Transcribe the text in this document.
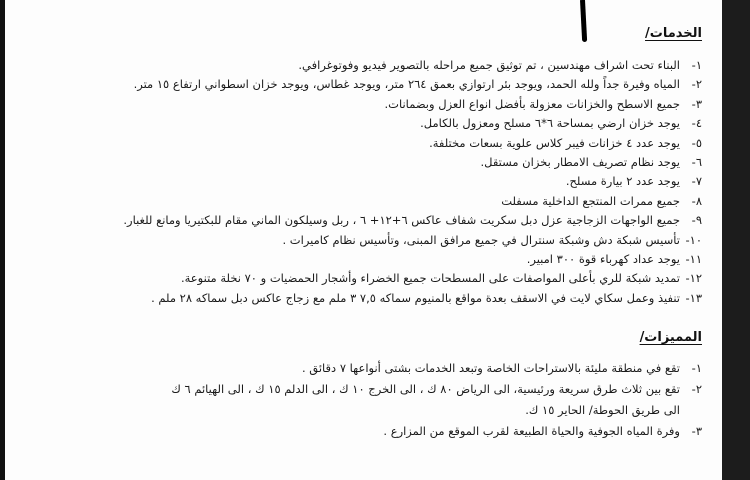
الخدمات/
١-البناء تحت اشراف مهندسين ، تم توثيق جميع مراحله بالتصوير فيديو وفوتوغرافي.
٢-المياه وفيرة جداً ولله الحمد، ويوجد بئر ارتوازي بعمق ٢٦٤ متر، ويوجد غطاس، ويوجد خزان اسطواني ارتفاع ١٥ متر.
٣-جميع الاسطح والخزانات معزولة بأفضل انواع العزل وبضمانات.
٤-يوجد خزان ارضي بمساحة ٦*٦ مسلح ومعزول بالكامل.
٥-يوجد عدد ٤ خزانات فيبر كلاس علوية بسعات مختلفة.
٦-يوجد نظام تصريف الامطار بخزان مستقل.
٧-يوجد عدد ٢ بيارة مسلح.
٨-جميع ممرات المنتجع الداخلية مسفلت
٩-جميع الواجهات الزجاجية عزل دبل سكريت شفاف عاكس ٦+١٢+ ٦ ، ربل وسيلكون الماني مقام للبكتيريا ومانع للغبار.
١٠-تأسيس شبكة دش وشبكة سنترال في جميع مرافق المبنى، وتأسيس نظام كاميرات .
١١-يوجد عداد كهرباء قوة ٣٠٠ امبير.
١٢-تمديد شبكة للري بأعلى المواصفات على المسطحات جميع الخضراء وأشجار الحمضيات و ٧٠ نخلة متنوعة.
١٣-تنفيذ وعمل سكاي لايت في الاسقف بعدة مواقع بالمنيوم سماكه ٧,٥ ٣ ملم مع زجاج عاكس دبل سماكه ٢٨ ملم .
المميزات/
١-تقع في منطقة مليئة بالاستراحات الخاصة وتبعد الخدمات بشتى أنواعها ٧ دقائق .
٢-تقع بين ثلاث طرق سريعة ورئيسية، الى الرياض ٨٠ ك ، الى الخرج ١٠ ك ، الى الدلم ١٥ ك ، الى الهيائم ٦ ك
الى طريق الحوطة/ الحاير ١٥ ك.
٣-وفرة المياه الجوفية والحياة الطبيعة لقرب الموقع من المزارع .
